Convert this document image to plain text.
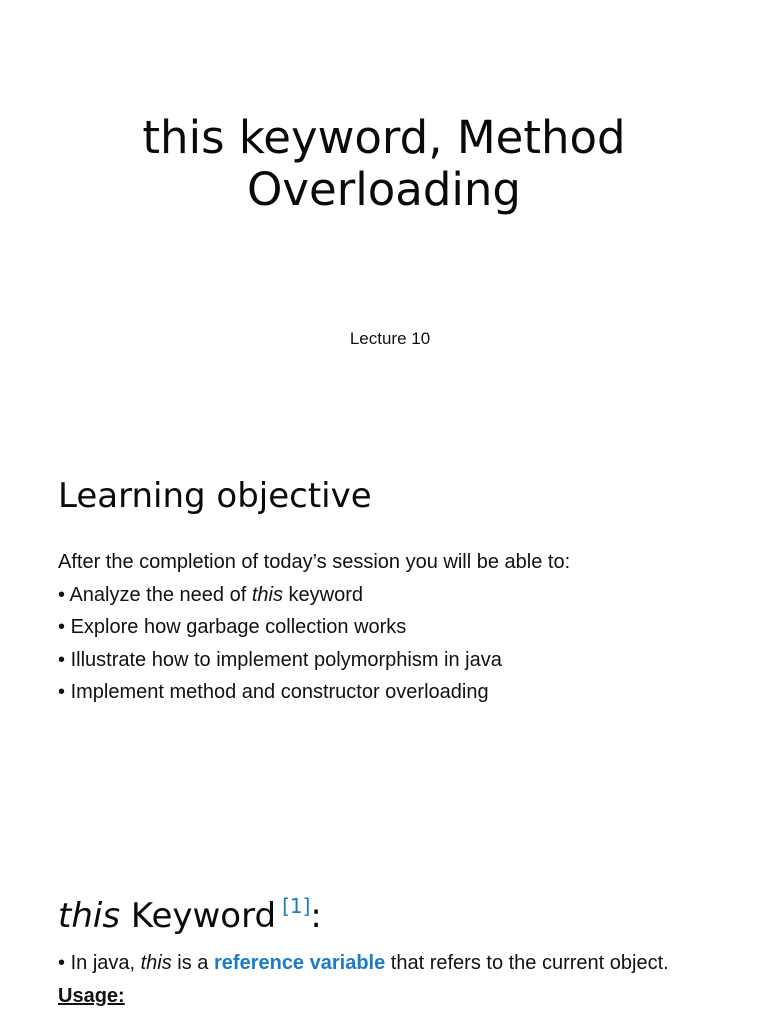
this keyword, Method
Overloading
Lecture 10
Learning objective
After the completion of today’s session you will be able to:
• Analyze the need of this keyword
• Explore how garbage collection works
• Illustrate how to implement polymorphism in java
• Implement method and constructor overloading
this Keyword [1]:
• In java, this is a reference variable that refers to the current object.
Usage:
